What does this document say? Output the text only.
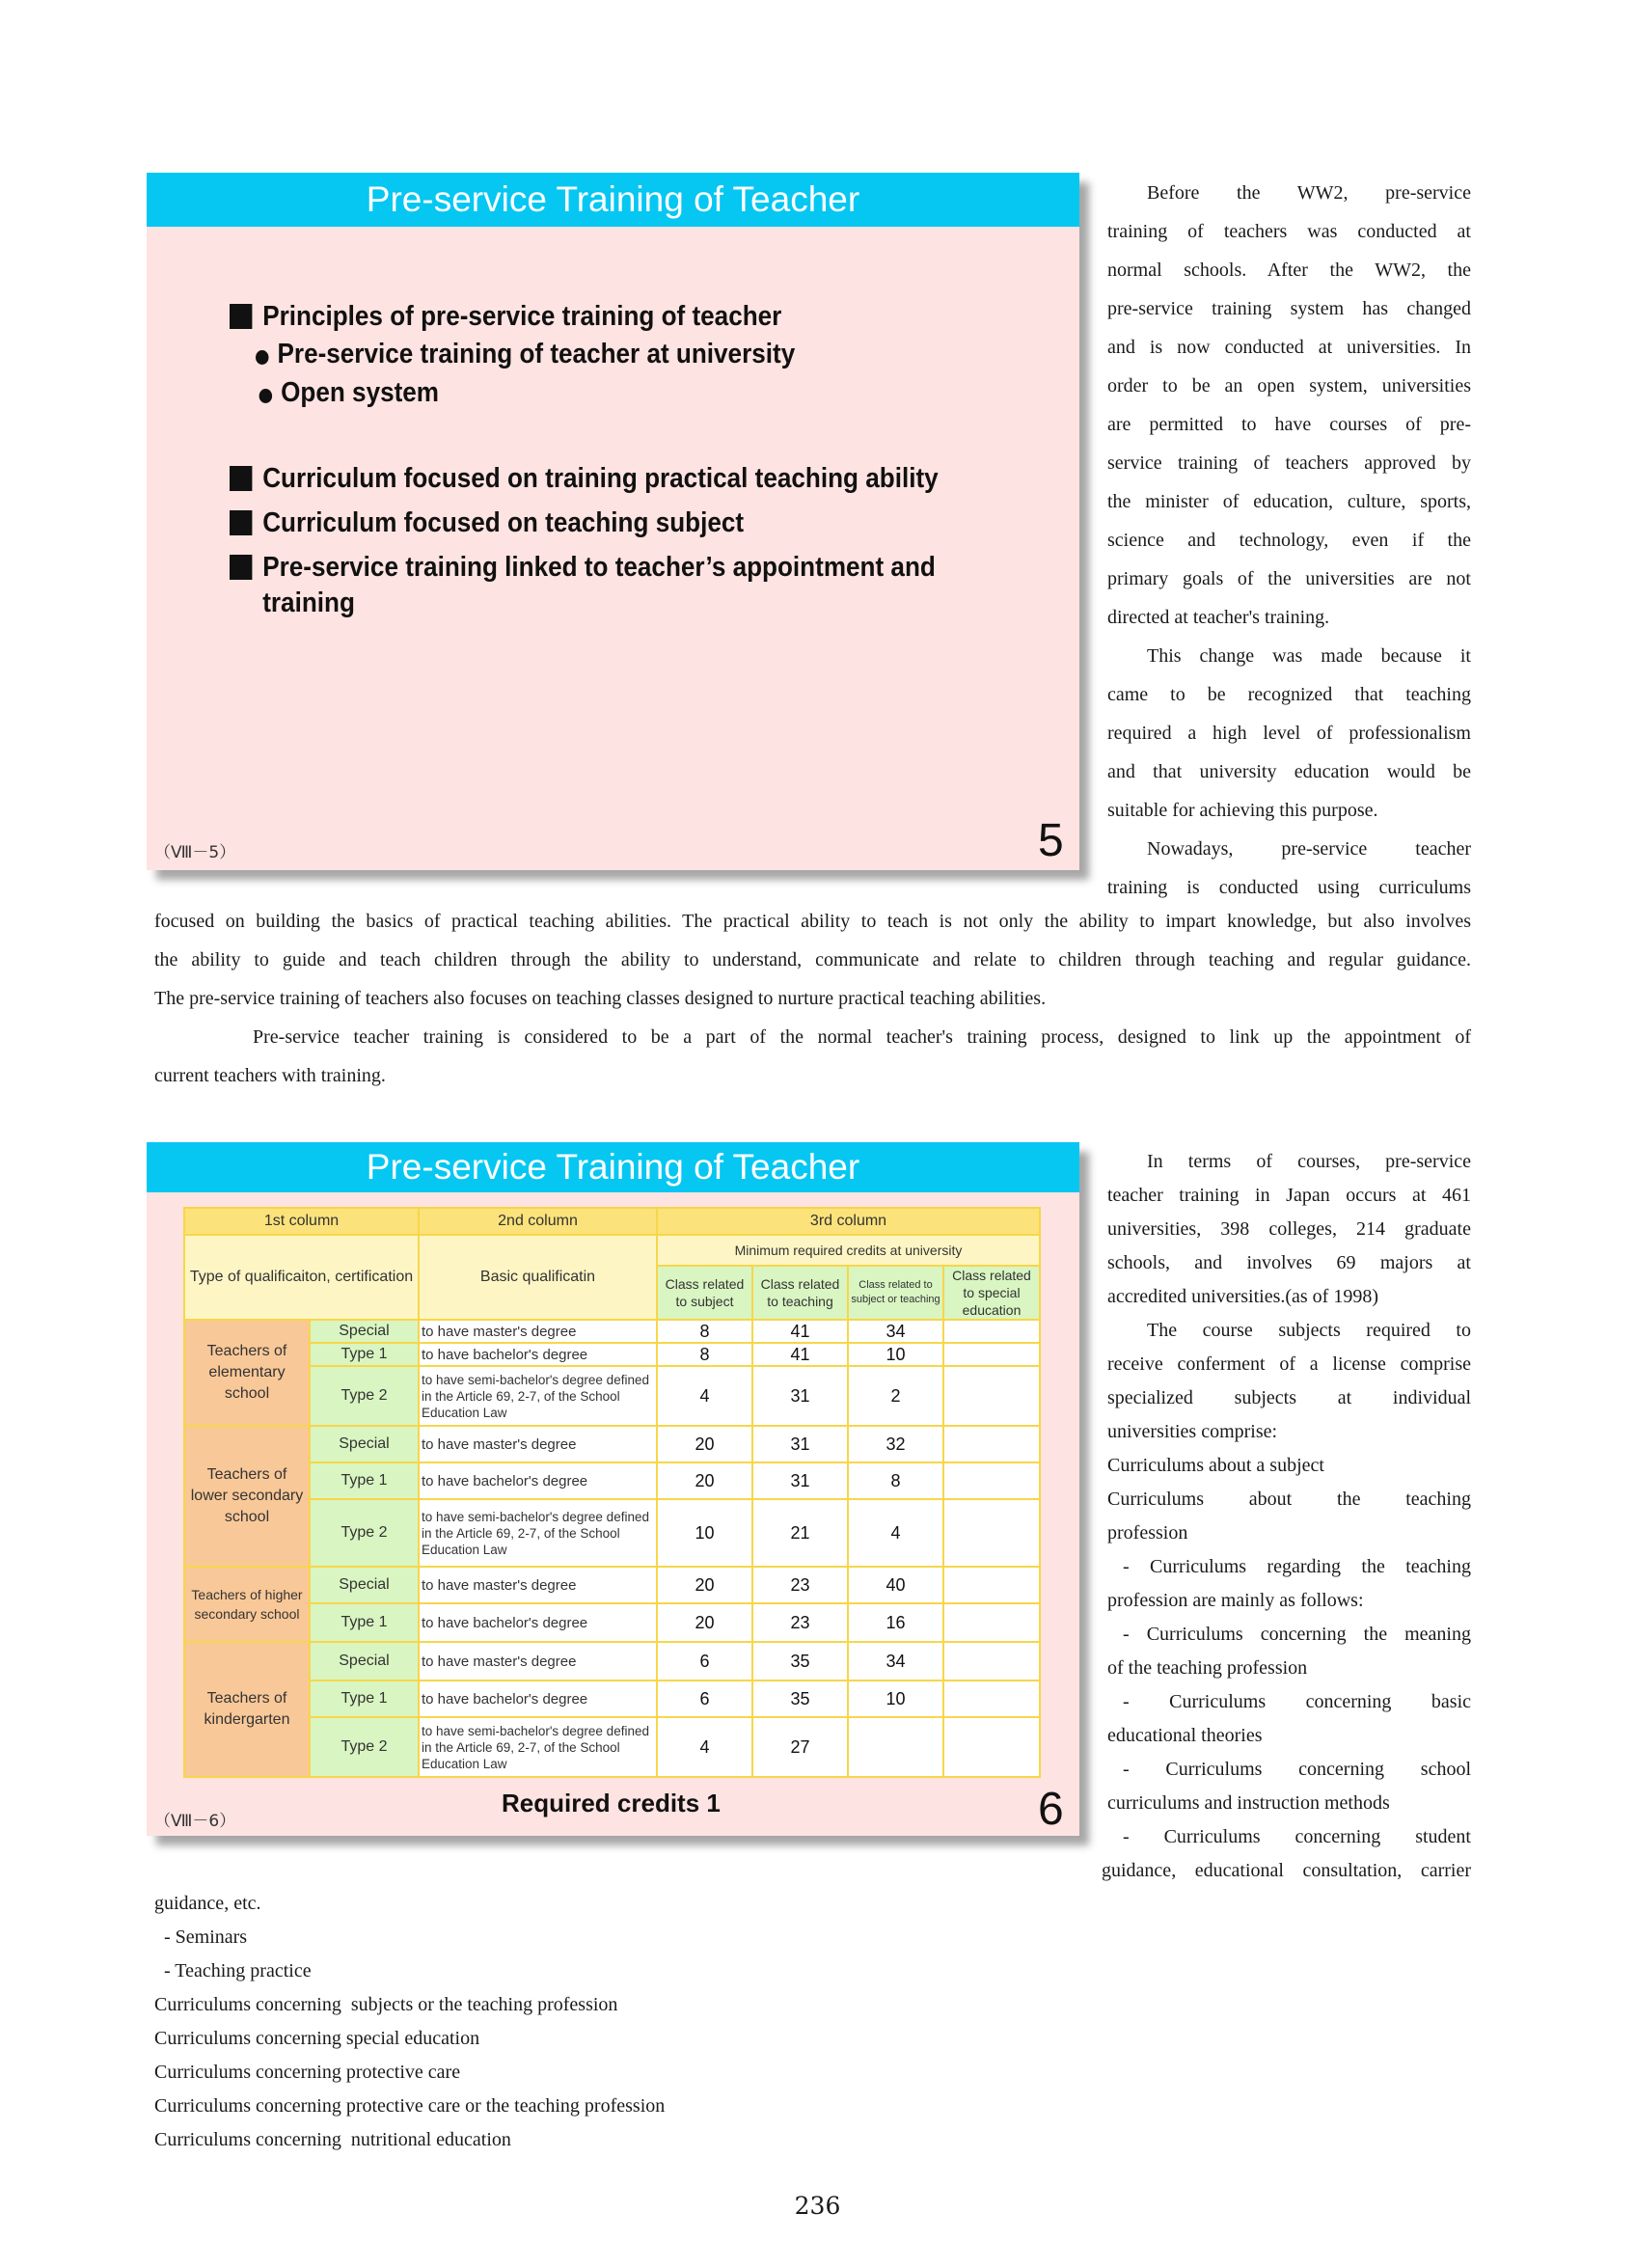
Pre-service Training of Teacher
Principles of pre-service training of teacher
Pre-service training of teacher at university
Open system
Curriculum focused on training practical teaching ability
Curriculum focused on teaching subject
Pre-service training linked to teacher’s appointment and
training
（Ⅷ－5）	5

Before the WW2, pre-service

training of teachers was conducted at

normal schools. After the WW2, the

pre-service training system has changed

and is now conducted at universities. In

order to be an open system, universities

are permitted to have courses of pre-

service training of teachers approved by

the minister of education, culture, sports,

science and technology, even if the

primary goals of the universities are not

directed at teacher's training.

This change was made because it

came to be recognized that teaching

required a high level of professionalism

and that university education would be

suitable for achieving this purpose.

Nowadays, pre-service teacher

training is conducted using curriculums

focused on building the basics of practical teaching abilities. The practical ability to teach is not only the ability to impart knowledge, but also involves

the ability to guide and teach children through the ability to understand, communicate and relate to children through teaching and regular guidance.

The pre-service training of teachers also focuses on teaching classes designed to nurture practical teaching abilities.

Pre-service teacher training is considered to be a part of the normal teacher's training process, designed to link up the appointment of

current teachers with training.

Pre-service Training of Teacher
1st column		2nd column	3rd column			
Type of qualificaiton, certification		Basic qualificatin	Minimum required credits at university			
			Class related to subject	Class related to teaching	Class related to subject or teaching	Class related to special education
Teachers of elementary school	Special	to have master's degree	8	41	34	
	Type 1	to have bachelor's degree	8	41	10	
	Type 2	to have semi-bachelor's degree defined in the Article 69, 2-7, of the School Education Law	4	31	2	
Teachers of lower secondary school	Special	to have master's degree	20	31	32	
	Type 1	to have bachelor's degree	20	31	8	
	Type 2	to have semi-bachelor's degree defined in the Article 69, 2-7, of the School Education Law	10	21	4	
Teachers of higher secondary school	Special	to have master's degree	20	23	40	
	Type 1	to have bachelor's degree	20	23	16	
Teachers of kindergarten	Special	to have master's degree	6	35	34	
	Type 1	to have bachelor's degree	6	35	10	
	Type 2	to have semi-bachelor's degree defined in the Article 69, 2-7, of the School Education Law	4	27		
Required credits 1
（Ⅷ－6）	6

In terms of courses, pre-service

teacher training in Japan occurs at 461

universities, 398 colleges, 214 graduate

schools, and involves 69 majors at

accredited universities.(as of 1998)

The course subjects required to

receive conferment of a license comprise

specialized subjects at individual

universities comprise:

Curriculums about a subject

Curriculums about the teaching

profession

- Curriculums regarding the teaching

profession are mainly as follows:

- Curriculums concerning the meaning

of the teaching profession

- Curriculums concerning basic

educational theories

- Curriculums concerning school

curriculums and instruction methods

- Curriculums concerning student

guidance, educational consultation, carrier

guidance, etc.

- Seminars

- Teaching practice

Curriculums concerning  subjects or the teaching profession

Curriculums concerning special education

Curriculums concerning protective care

Curriculums concerning protective care or the teaching profession

Curriculums concerning  nutritional education

236
